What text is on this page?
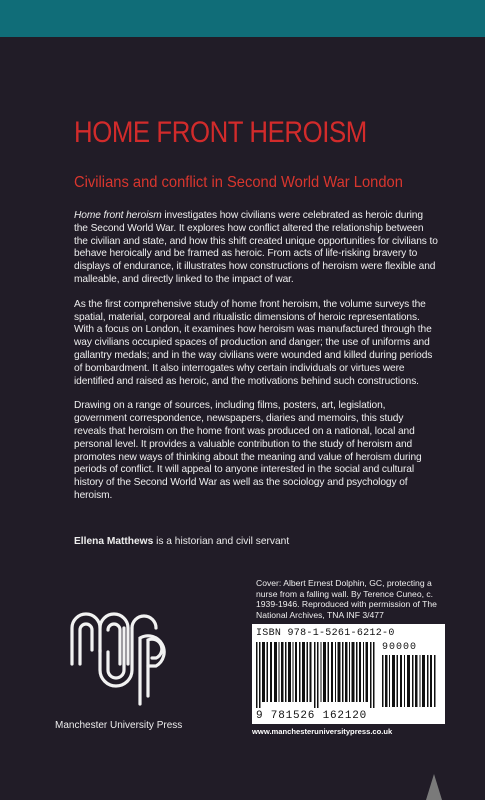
HOME FRONT HEROISM
Civilians and conflict in Second World War London

Home front heroism investigates how civilians were celebrated as heroic during the Second World War. It explores how conflict altered the relationship between the civilian and state, and how this shift created unique opportunities for civilians to behave heroically and be framed as heroic. From acts of life-risking bravery to displays of endurance, it illustrates how constructions of heroism were flexible and malleable, and directly linked to the impact of war.

As the first comprehensive study of home front heroism, the volume surveys the spatial, material, corporeal and ritualistic dimensions of heroic representations. With a focus on London, it examines how heroism was manufactured through the way civilians occupied spaces of production and danger; the use of uniforms and gallantry medals; and in the way civilians were wounded and killed during periods of bombardment. It also interrogates why certain individuals or virtues were identified and raised as heroic, and the motivations behind such constructions.

Drawing on a range of sources, including films, posters, art, legislation, government correspondence, newspapers, diaries and memoirs, this study reveals that heroism on the home front was produced on a national, local and personal level. It provides a valuable contribution to the study of heroism and promotes new ways of thinking about the meaning and value of heroism during periods of conflict. It will appeal to anyone interested in the social and cultural history of the Second World War as well as the sociology and psychology of heroism.

Ellena Matthews is a historian and civil servant
Cover: Albert Ernest Dolphin, GC, protecting a nurse from a falling wall. By Terence Cuneo, c. 1939-1946. Reproduced with permission of The National Archives, TNA INF 3/477
ISBN 978-1-5261-6212-0
90000
9 781526 162120
www.manchesteruniversitypress.co.uk
Manchester University Press
